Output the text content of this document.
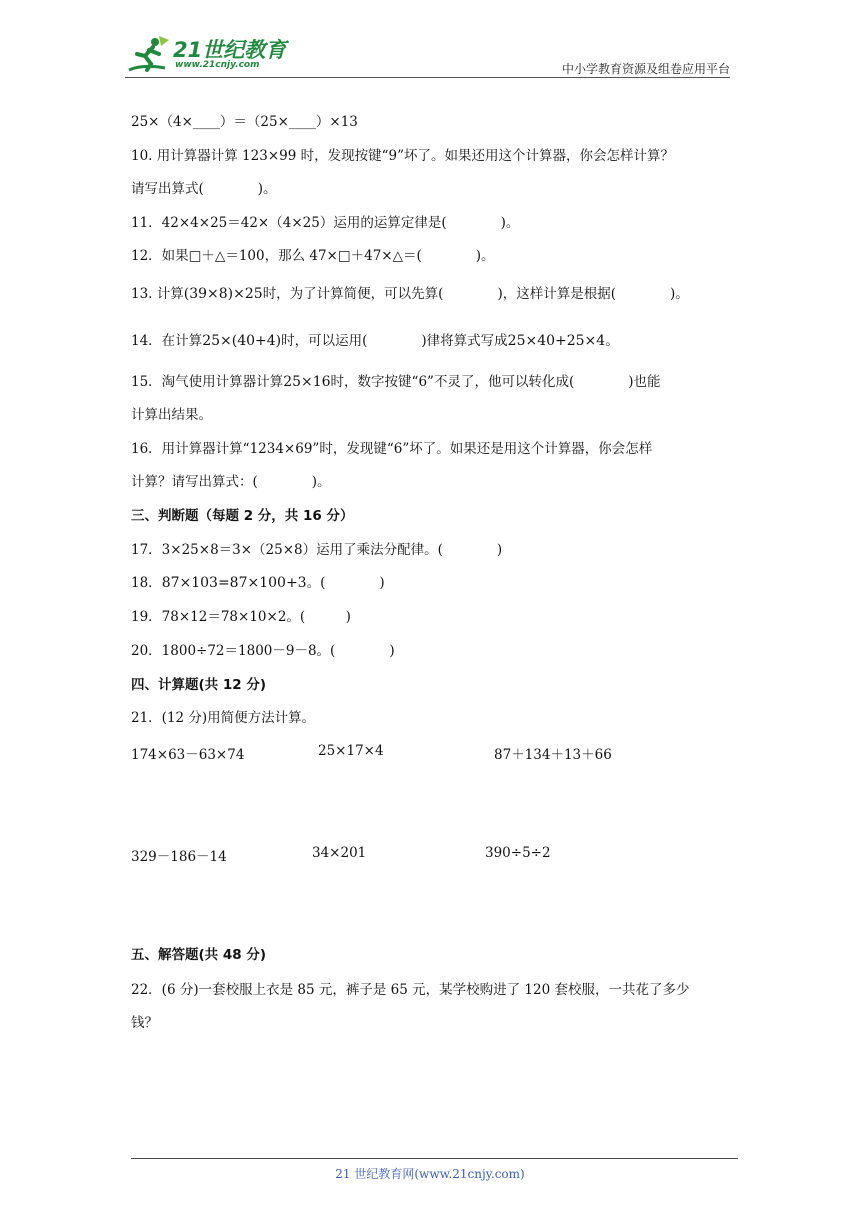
21世纪教育
www.21cnjy.com	中小学教育资源及组卷应用平台
25×（4×____）＝（25×____）×13
10. 用计算器计算 123×99 时，发现按键“9”坏了。如果还用这个计算器，你会怎样计算？
请写出算式(　　　　)。
11．42×4×25＝42×（4×25）运用的运算定律是(　　　　)。
12．如果□＋△＝100，那么 47×□＋47×△＝(　　　　)。
13. 计算(39×8)×25时，为了计算简便，可以先算(　　　　)，这样计算是根据(　　　　)。
14．在计算25×(40+4)时，可以运用(　　　　)律将算式写成25×40+25×4。
15．淘气使用计算器计算25×16时，数字按键“6”不灵了，他可以转化成(　　　　)也能
计算出结果。
16．用计算器计算“1234×69”时，发现键“6”坏了。如果还是用这个计算器，你会怎样
计算？请写出算式：(　　　　)。
三、判断题（每题 2 分，共 16 分）
17．3×25×8＝3×（25×8）运用了乘法分配律。(　　　　)
18．87×103=87×100+3。(　　　　)
19．78×12＝78×10×2。(　　　)
20．1800÷72＝1800－9－8。(　　　　)
四、计算题(共 12 分)
21．(12 分)用简便方法计算。
174×63－63×74	25×17×4	87＋134＋13＋66
329－186－14	34×201	390÷5÷2
五、解答题(共 48 分)
22．(6 分)一套校服上衣是 85 元，裤子是 65 元，某学校购进了 120 套校服，一共花了多少
钱？
21 世纪教育网(www.21cnjy.com)
